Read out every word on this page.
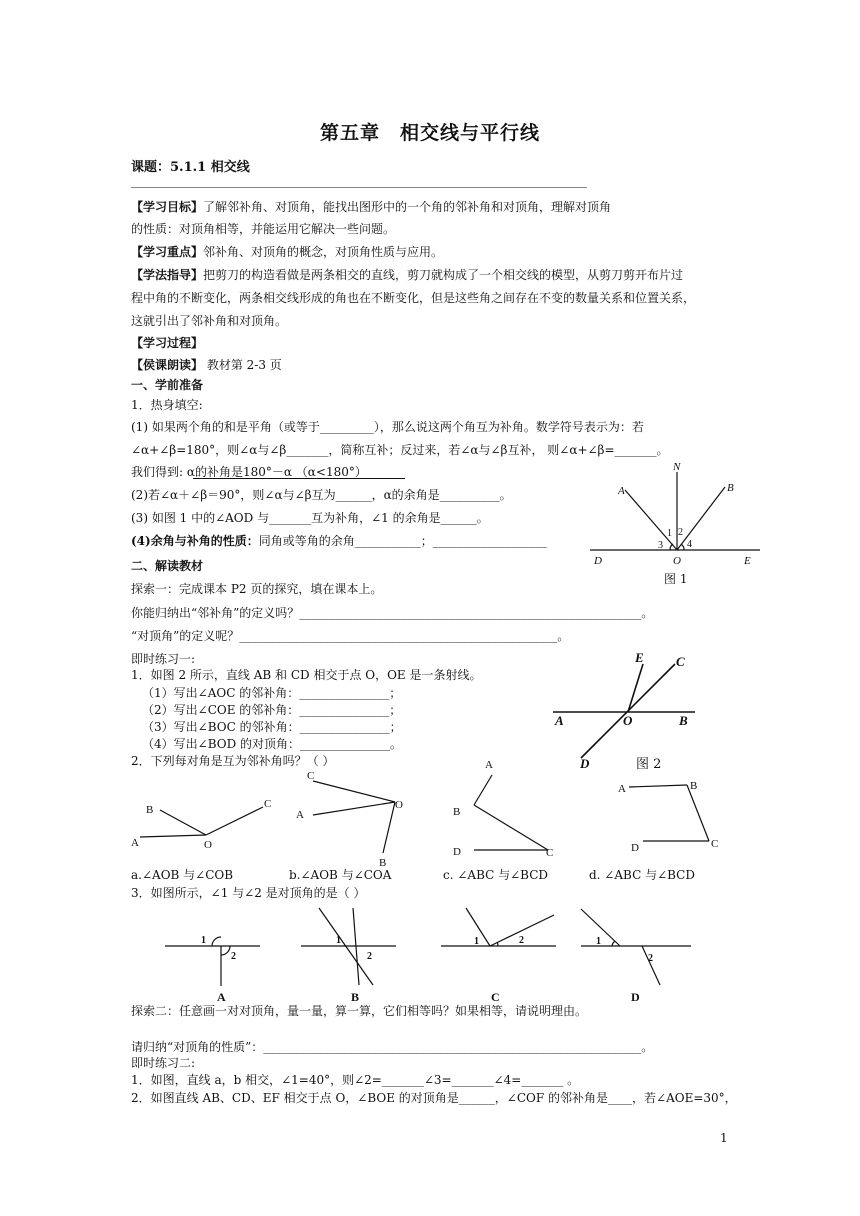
第五章　相交线与平行线
课题：5.1.1 相交线
【学习目标】了解邻补角、对顶角，能找出图形中的一个角的邻补角和对顶角，理解对顶角
的性质：对顶角相等，并能运用它解决一些问题。
【学习重点】邻补角、对顶角的概念，对顶角性质与应用。
【学法指导】把剪刀的构造看做是两条相交的直线，剪刀就构成了一个相交线的模型，从剪刀剪开布片过
程中角的不断变化，两条相交线形成的角也在不断变化，但是这些角之间存在不变的数量关系和位置关系，
这就引出了邻补角和对顶角。
【学习过程】
【侯课朗读】 教材第 2-3 页
一、学前准备
1．热身填空:
(1) 如果两个角的和是平角（或等于_________），那么说这两个角互为补角。数学符号表示为：若
∠α+∠β=180°，则∠α与∠β_______，简称互补；反过来，若∠α与∠β互补， 则∠α+∠β=_______。
我们得到: α的补角是180°－α （α<180°）
(2)若∠α＋∠β＝90°，则∠α与∠β互为______，α的余角是__________。
(3) 如图 1 中的∠AOD 与_______互为补角，∠1 的余角是______。
(4)余角与补角的性质：同角或等角的余角___________；___________________
二、解读教材
探索一：完成课本 P2 页的探究，填在课本上。
你能归纳出“邻补角”的定义吗？_________________________________________________________。
“对顶角”的定义呢？_____________________________________________________。
即时练习一:
1．如图 2 所示，直线 AB 和 CD 相交于点 O，OE 是一条射线。
（1）写出∠AOC 的邻补角：_______________；
（2）写出∠COE 的邻补角：_______________；
（3）写出∠BOC 的邻补角：_______________；
（4）写出∠BOD 的对顶角：_______________。
2．下列每对角是互为邻补角吗？（ ）
a.∠AOB 与∠COB	b.∠AOB 与∠COA	c. ∠ABC 与∠BCD	d. ∠ABC 与∠BCD
3．如图所示，∠1 与∠2 是对顶角的是（ ）
探索二：任意画一对对顶角，量一量，算一算，它们相等吗？如果相等，请说明理由。
请归纳“对顶角的性质”：_______________________________________________________________。
即时练习二:
1．如图，直线 a，b 相交，∠1=40°，则∠2=_______∠3=_______∠4=_______ 。
2．如图直线 AB、CD、EF 相交于点 O，∠BOE 的对顶角是______，∠COF 的邻补角是____，若∠AOE=30°，
1
N
A	B
D	O	E
1 2
3 4
图 1
E C
A	O	B
D	图 2
B	C
A	O
C
O
A
B
A
B
D	C
A	B
D	C
1
2
A
1
2
B
1	2
C
1
2
D
